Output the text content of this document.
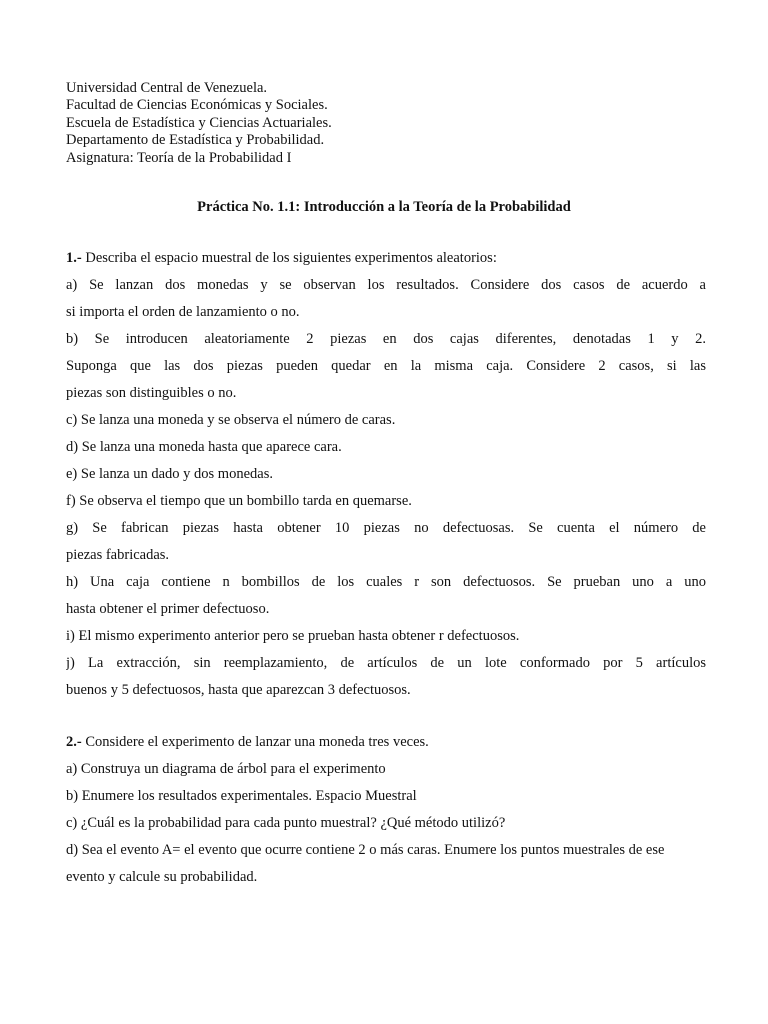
Universidad Central de Venezuela.
Facultad de Ciencias Económicas y Sociales.
Escuela de Estadística y Ciencias Actuariales.
Departamento de Estadística y Probabilidad.
Asignatura: Teoría de la Probabilidad I
Práctica No. 1.1: Introducción a la Teoría de la Probabilidad
1.- Describa el espacio muestral de los siguientes experimentos aleatorios:
a) Se lanzan dos monedas y se observan los resultados. Considere dos casos de acuerdo a
si importa el orden de lanzamiento o no.
b) Se introducen aleatoriamente 2 piezas en dos cajas diferentes, denotadas 1 y 2.
Suponga que las dos piezas pueden quedar en la misma caja. Considere 2 casos, si las
piezas son distinguibles o no.
c) Se lanza una moneda y se observa el número de caras.
d) Se lanza una moneda hasta que aparece cara.
e) Se lanza un dado y dos monedas.
f) Se observa el tiempo que un bombillo tarda en quemarse.
g) Se fabrican piezas hasta obtener 10 piezas no defectuosas. Se cuenta el número de
piezas fabricadas.
h) Una caja contiene n bombillos de los cuales r son defectuosos. Se prueban uno a uno
hasta obtener el primer defectuoso.
i) El mismo experimento anterior pero se prueban hasta obtener r defectuosos.
j) La extracción, sin reemplazamiento, de artículos de un lote conformado por 5 artículos
buenos y 5 defectuosos, hasta que aparezcan 3 defectuosos.
2.- Considere el experimento de lanzar una moneda tres veces.
a) Construya un diagrama de árbol para el experimento
b) Enumere los resultados experimentales. Espacio Muestral
c) ¿Cuál es la probabilidad para cada punto muestral? ¿Qué método utilizó?
d) Sea el evento A= el evento que ocurre contiene 2 o más caras. Enumere los puntos muestrales de ese
evento y calcule su probabilidad.
